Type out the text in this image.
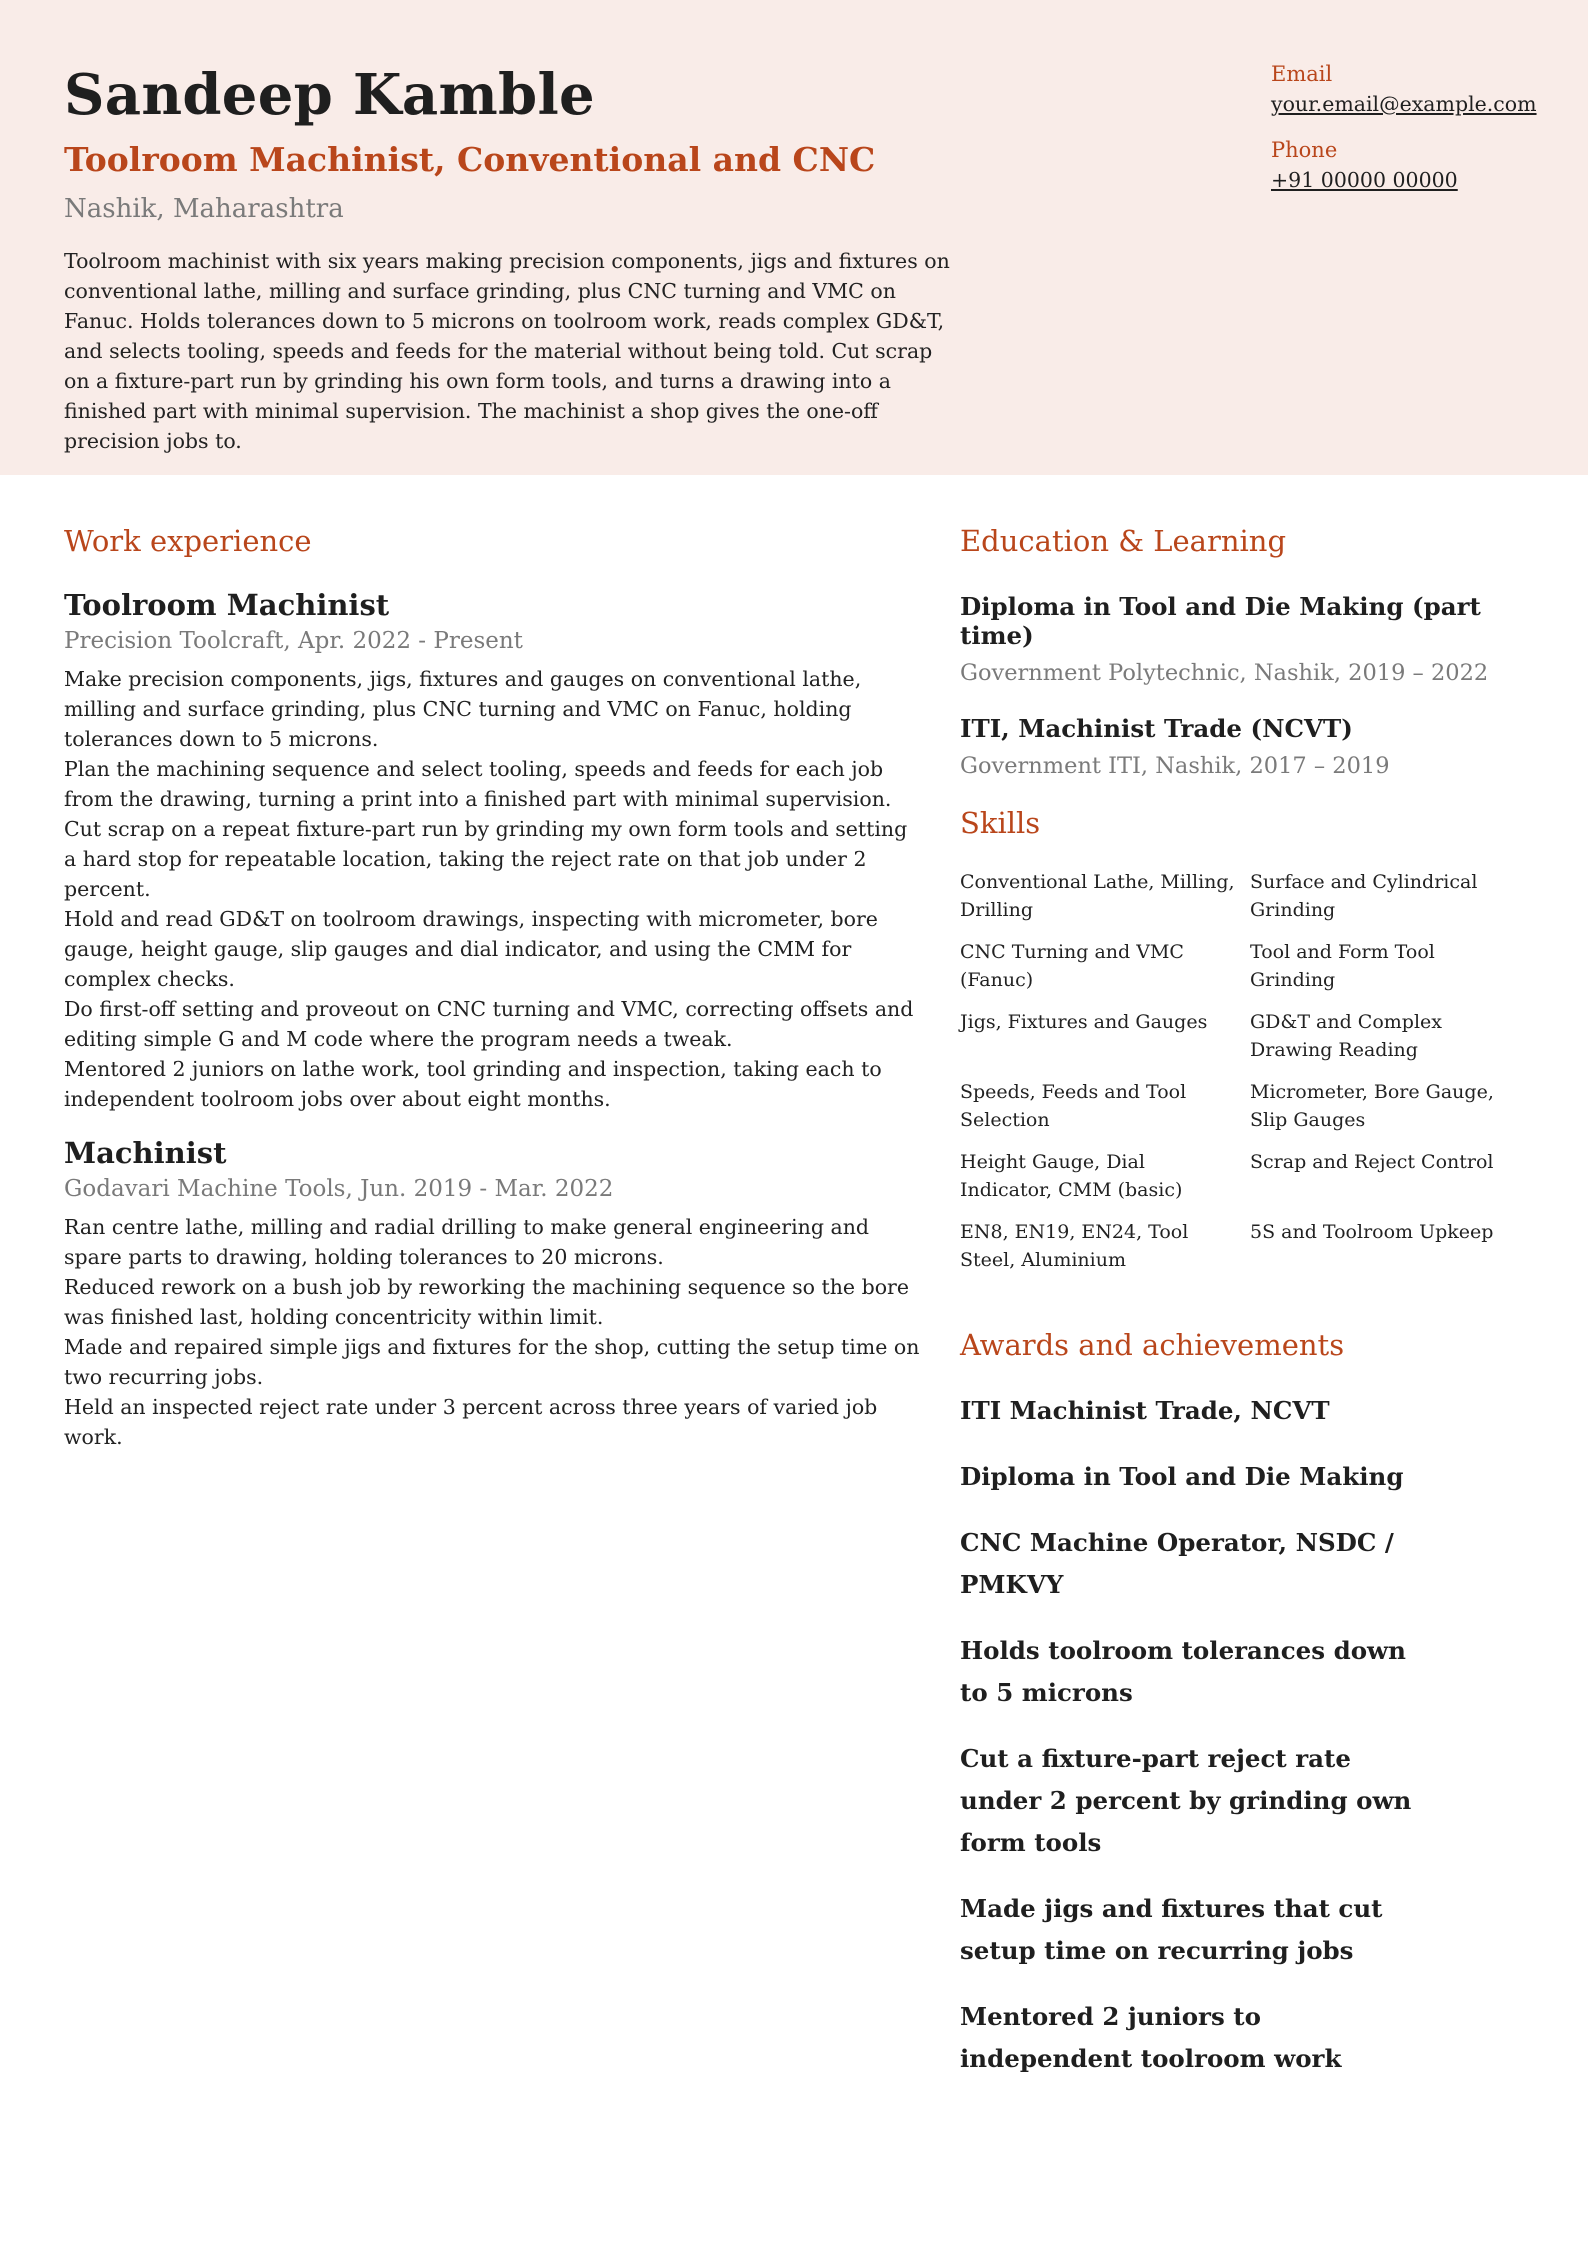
Sandeep Kamble
Toolroom Machinist, Conventional and CNC

Nashik, Maharashtra

Toolroom machinist with six years making precision components, jigs and fixtures on conventional lathe, milling and surface grinding, plus CNC turning and VMC on Fanuc. Holds tolerances down to 5 microns on toolroom work, reads complex GD&T, and selects tooling, speeds and feeds for the material without being told. Cut scrap on a fixture-part run by grinding his own form tools, and turns a drawing into a finished part with minimal supervision. The machinist a shop gives the one-off precision jobs to.

Email

your.email@example.com

Phone

+91 00000 00000
Work experience

Toolroom Machinist

Precision Toolcraft, Apr. 2022 - Present

Make precision components, jigs, fixtures and gauges on conventional lathe, milling and surface grinding, plus CNC turning and VMC on Fanuc, holding tolerances down to 5 microns.

Plan the machining sequence and select tooling, speeds and feeds for each job from the drawing, turning a print into a finished part with minimal supervision.

Cut scrap on a repeat fixture-part run by grinding my own form tools and setting a hard stop for repeatable location, taking the reject rate on that job under 2 percent.

Hold and read GD&T on toolroom drawings, inspecting with micrometer, bore gauge, height gauge, slip gauges and dial indicator, and using the CMM for complex checks.

Do first-off setting and proveout on CNC turning and VMC, correcting offsets and editing simple G and M code where the program needs a tweak.

Mentored 2 juniors on lathe work, tool grinding and inspection, taking each to independent toolroom jobs over about eight months.

Machinist

Godavari Machine Tools, Jun. 2019 - Mar. 2022

Ran centre lathe, milling and radial drilling to make general engineering and spare parts to drawing, holding tolerances to 20 microns.

Reduced rework on a bush job by reworking the machining sequence so the bore was finished last, holding concentricity within limit.

Made and repaired simple jigs and fixtures for the shop, cutting the setup time on two recurring jobs.

Held an inspected reject rate under 3 percent across three years of varied job work.

Education & Learning

Diploma in Tool and Die Making (part time)

Government Polytechnic, Nashik, 2019 – 2022

ITI, Machinist Trade (NCVT)

Government ITI, Nashik, 2017 – 2019

Skills
Conventional Lathe, Milling, Drilling
Surface and Cylindrical Grinding
CNC Turning and VMC (Fanuc)
Tool and Form Tool Grinding
Jigs, Fixtures and Gauges	GD&T and Complex Drawing Reading
Speeds, Feeds and Tool Selection
Micrometer, Bore Gauge, Slip Gauges
Height Gauge, Dial Indicator, CMM (basic)
Scrap and Reject Control
EN8, EN19, EN24, Tool Steel, Aluminium
5S and Toolroom Upkeep
Awards and achievements

ITI Machinist Trade, NCVT

Diploma in Tool and Die Making

CNC Machine Operator, NSDC / PMKVY

Holds toolroom tolerances down to 5 microns

Cut a fixture-part reject rate under 2 percent by grinding own form tools

Made jigs and fixtures that cut setup time on recurring jobs

Mentored 2 juniors to independent toolroom work
